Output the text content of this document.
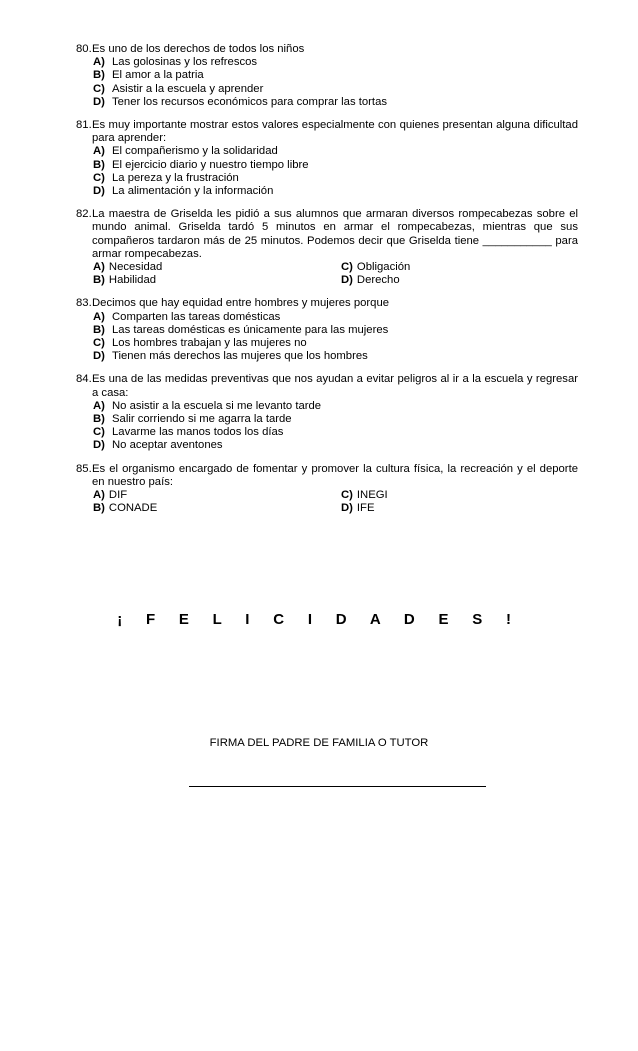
80. Es uno de los derechos de todos los niños
A) Las golosinas y los refrescos
B) El amor a la patria
C) Asistir a la escuela y aprender
D) Tener los recursos económicos para comprar las tortas
81. Es muy importante mostrar estos valores especialmente con quienes presentan alguna dificultad para aprender:
A) El compañerismo y la solidaridad
B) El ejercicio diario y nuestro tiempo libre
C) La pereza y la frustración
D) La alimentación y la información
82. La maestra de Griselda les pidió a sus alumnos que armaran diversos rompecabezas sobre el mundo animal. Griselda tardó 5 minutos en armar el rompecabezas, mientras que sus compañeros tardaron más de 25 minutos. Podemos decir que Griselda tiene ___________ para armar rompecabezas.
A) Necesidad	C) Obligación
B) Habilidad	D) Derecho
83. Decimos que hay equidad entre hombres y mujeres porque
A) Comparten las tareas domésticas
B) Las tareas domésticas es únicamente para las mujeres
C) Los hombres trabajan y las mujeres no
D) Tienen más derechos las mujeres que los hombres
84. Es una de las medidas preventivas que nos ayudan a evitar peligros al ir a la escuela y regresar a casa:
A) No asistir a la escuela si me levanto tarde
B) Salir corriendo si me agarra la tarde
C) Lavarme las manos todos los días
D) No aceptar aventones
85. Es el organismo encargado de fomentar y promover la cultura física, la recreación y el deporte en nuestro país:
A) DIF	C) INEGI
B) CONADE	D) IFE
¡ F E L I C I D A D E S !
FIRMA DEL PADRE DE FAMILIA O TUTOR
